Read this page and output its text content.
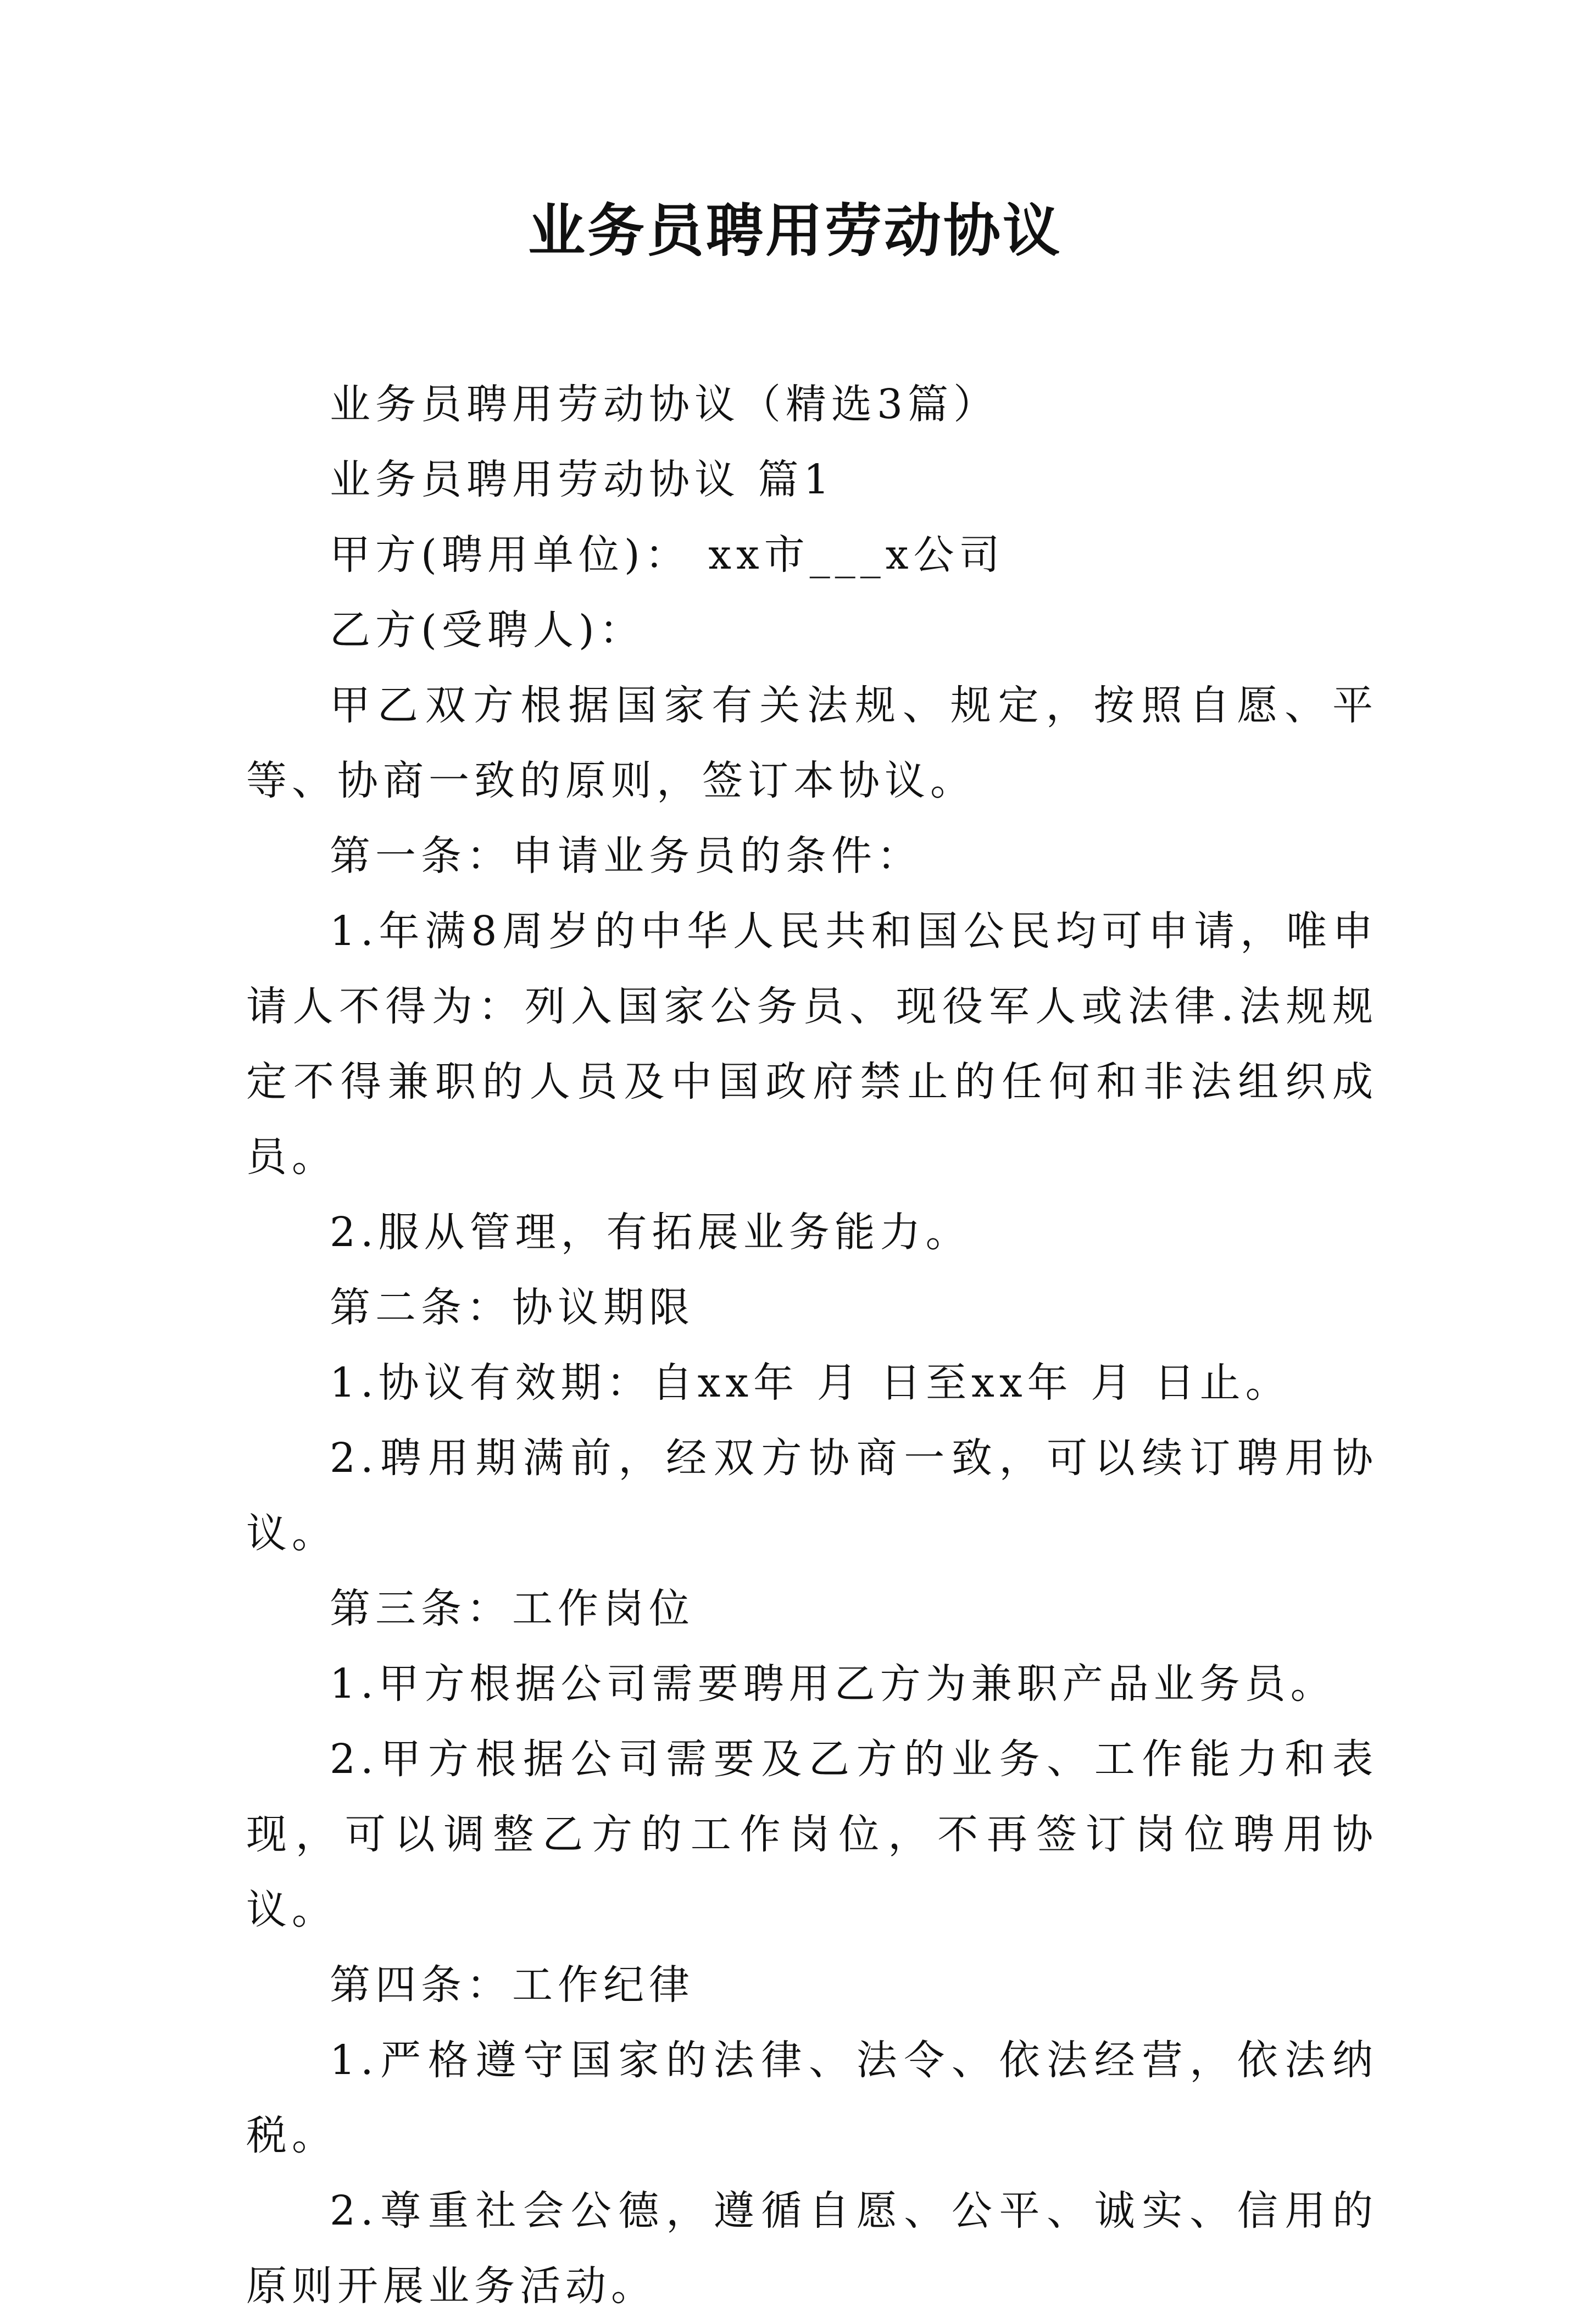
业务员聘用劳动协议

业务员聘用劳动协议（精选3篇）

业务员聘用劳动协议 篇1

甲方(聘用单位)： xx市___x公司

乙方(受聘人)：

甲乙双方根据国家有关法规、规定，按照自愿、平等、协商一致的原则，签订本协议。

第一条：申请业务员的条件：

1.年满8周岁的中华人民共和国公民均可申请，唯申请人不得为：列入国家公务员、现役军人或法律.法规规定不得兼职的人员及中国政府禁止的任何和非法组织成员。

2.服从管理，有拓展业务能力。

第二条：协议期限

1.协议有效期：自xx年 月 日至xx年 月 日止。

2.聘用期满前，经双方协商一致，可以续订聘用协议。

第三条：工作岗位

1.甲方根据公司需要聘用乙方为兼职产品业务员。

2.甲方根据公司需要及乙方的业务、工作能力和表现，可以调整乙方的工作岗位，不再签订岗位聘用协议。

第四条：工作纪律

1.严格遵守国家的法律、法令、依法经营，依法纳税。

2.尊重社会公德，遵循自愿、公平、诚实、信用的原则开展业务活动。
